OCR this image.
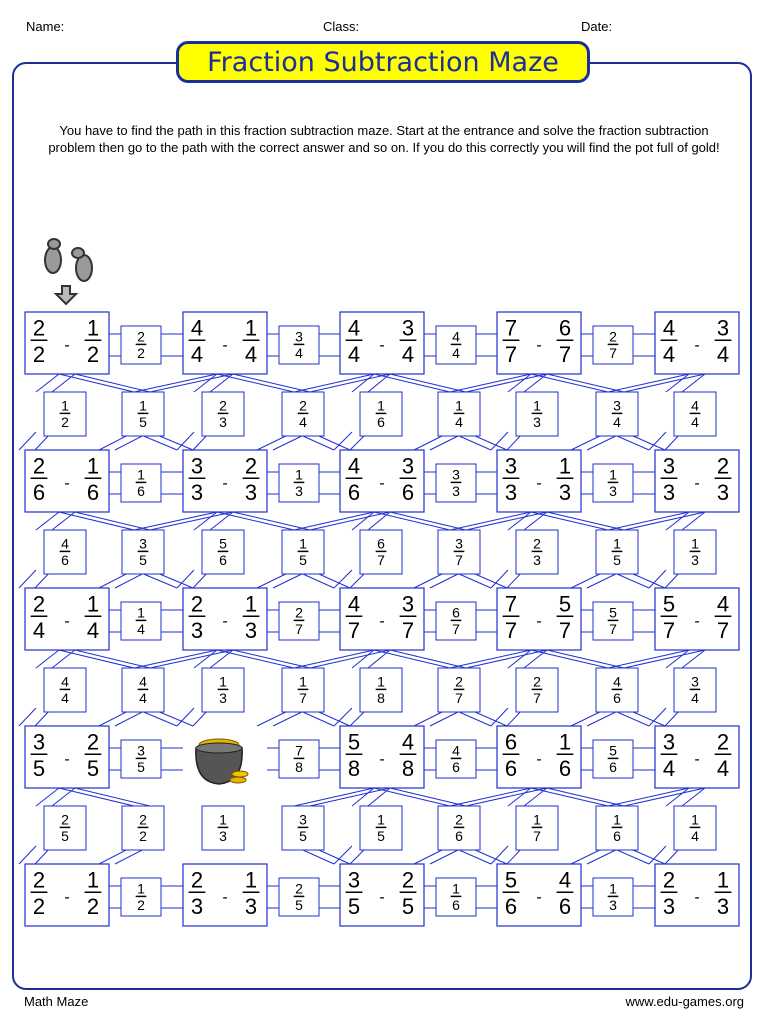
Name:	Class:	Date:
Fraction Subtraction Maze
You have to find the path in this fraction subtraction maze. Start at the entrance and solve the fraction subtraction problem then go to the path with the correct answer and so on. If you do this correctly you will find the pot full of gold!
-
2
2
1
2	-
4
4
1
4	-
4
4
3
4	-
7
7
6
7	-
4
4
3
4
-
2
6
1
6	-
3
3
2
3	-
4
6
3
6	-
3
3
1
3	-
3
3
2
3
-
2
4
1
4	-
2
3
1
3	-
4
7
3
7	-
7
7
5
7	-
5
7
4
7
-
3
5
2
5	-
5
8
4
8	-
6
6
1
6	-
3
4
2
4
-
2
2
1
2	-
2
3
1
3	-
3
5
2
5	-
5
6
4
6	-
2
3
1
3
2
2
3
4
4
4
2
7
1
6
1
3
3
3
1
3
1
4
2
7
6
7
5
7
3
5
7
8
4
6
5
6
1
2
2
5
1
6
1
3
1
2
1
5
2
3
2
4
1
6
1
4
1
3
3
4
4
4
4
6
3
5
5
6
1
5
6
7
3
7
2
3
1
5
1
3
4
4
4
4
1
3
1
7
1
8
2
7
2
7
4
6
3
4
2
5
2
2
1
3
3
5
1
5
2
6
1
7
1
6
1
4
Math Maze	www.edu-games.org
